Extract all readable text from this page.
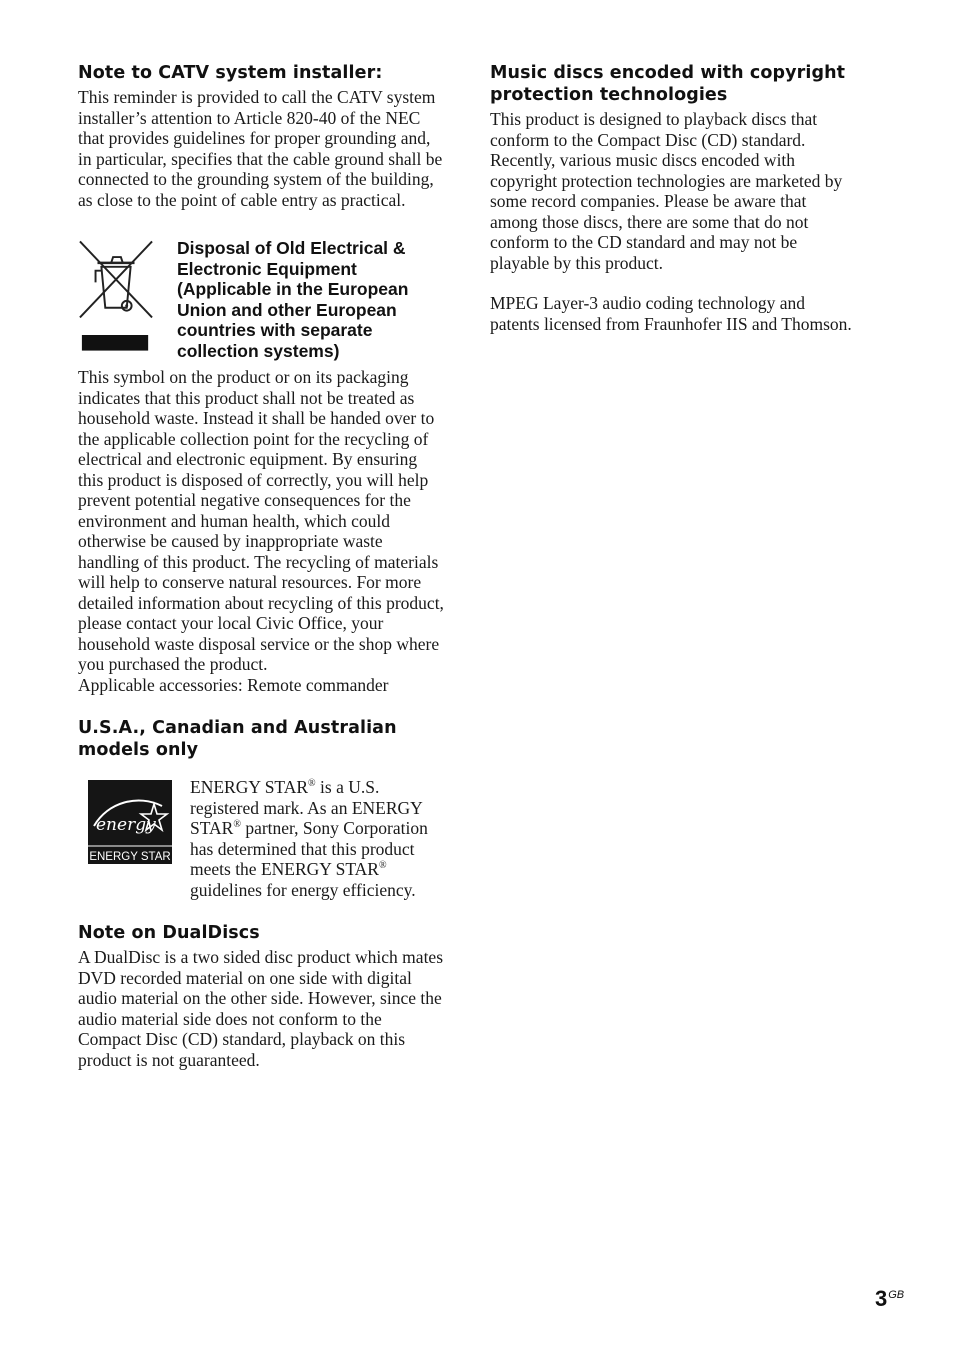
Note to CATV system installer:

This reminder is provided to call the CATV system installer’s attention to Article 820-40 of the NEC that provides guidelines for proper grounding and, in particular, specifies that the cable ground shall be connected to the grounding system of the building, as close to the point of cable entry as practical.

Disposal of Old Electrical & Electronic Equipment (Applicable in the European Union and other European countries with separate collection systems)

This symbol on the product or on its packaging indicates that this product shall not be treated as household waste. Instead it shall be handed over to the applicable collection point for the recycling of electrical and electronic equipment. By ensuring this product is disposed of correctly, you will help prevent potential negative consequences for the environment and human health, which could otherwise be caused by inappropriate waste handling of this product. The recycling of materials will help to conserve natural resources. For more detailed information about recycling of this product, please contact your local Civic Office, your household waste disposal service or the shop where you purchased the product.

Applicable accessories: Remote commander

U.S.A., Canadian and Australian models only
energy
ENERGY STAR

ENERGY STAR® is a U.S. registered mark. As an ENERGY STAR® partner, Sony Corporation has determined that this product meets the ENERGY STAR® guidelines for energy efficiency.

Note on DualDiscs

A DualDisc is a two sided disc product which mates DVD recorded material on one side with digital audio material on the other side. However, since the audio material side does not conform to the Compact Disc (CD) standard, playback on this product is not guaranteed.

Music discs encoded with copyright protection technologies

This product is designed to playback discs that conform to the Compact Disc (CD) standard. Recently, various music discs encoded with copyright protection technologies are marketed by some record companies. Please be aware that among those discs, there are some that do not conform to the CD standard and may not be playable by this product.

MPEG Layer-3 audio coding technology and patents licensed from Fraunhofer IIS and Thomson.

$3^{GB}$
